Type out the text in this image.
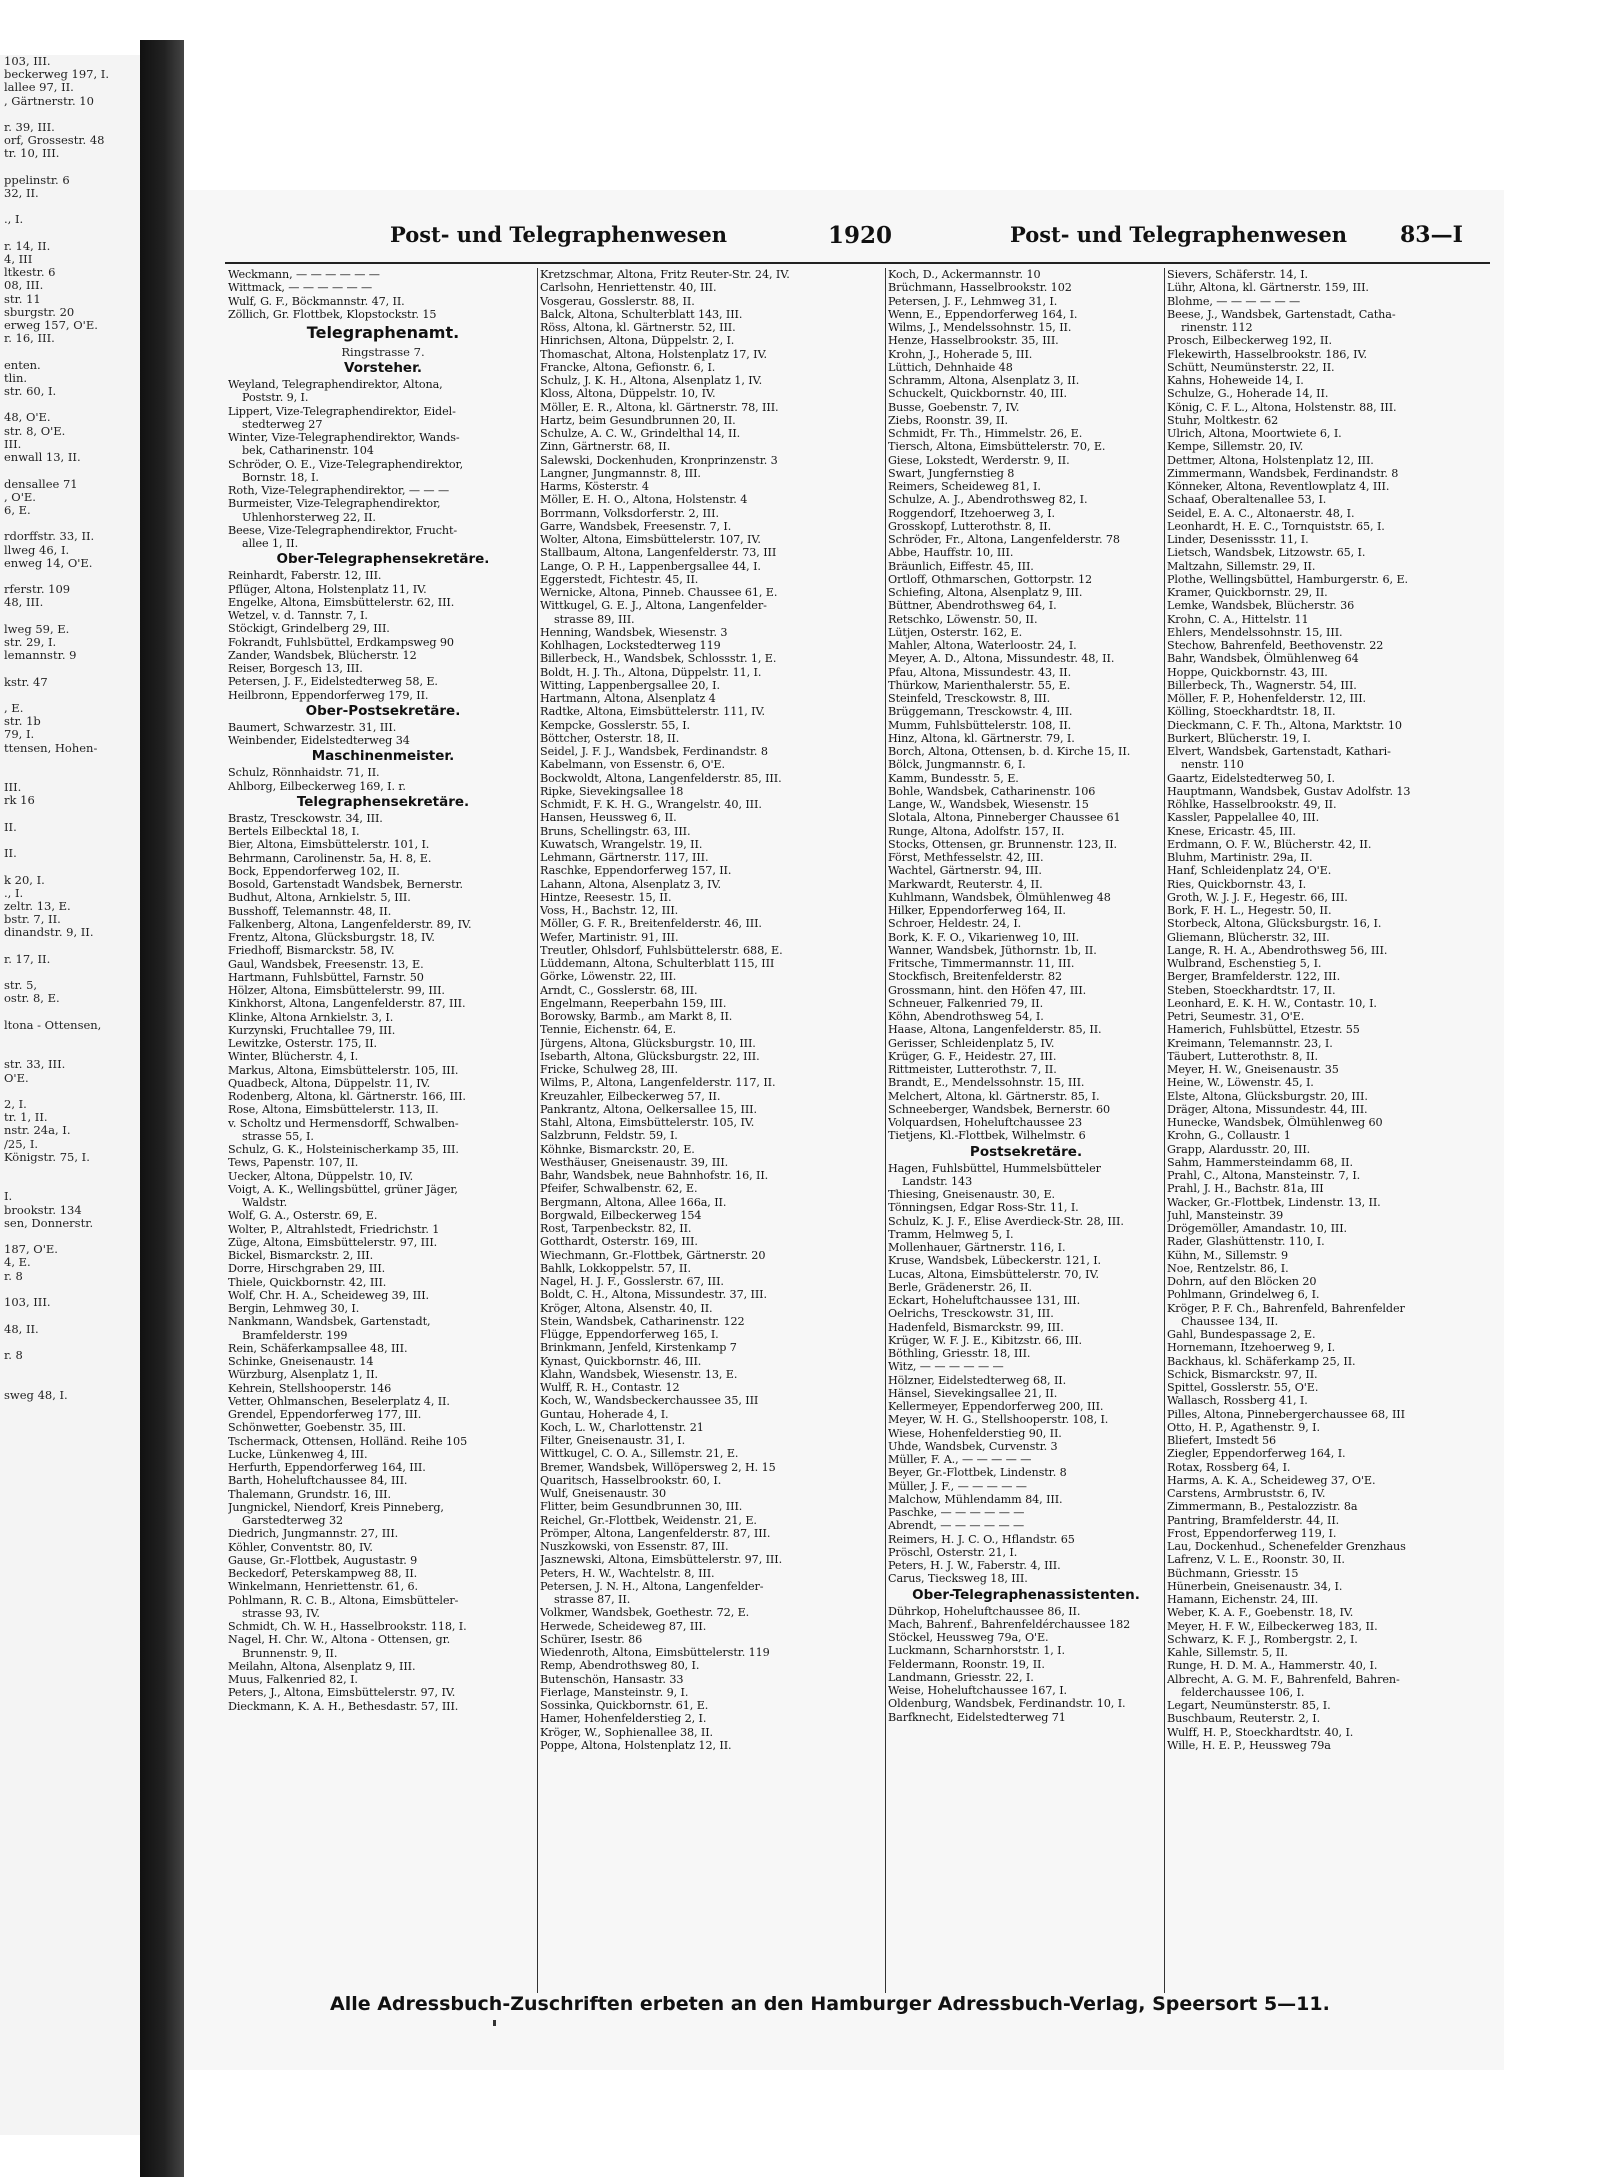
103, III.
beckerweg 197, I.
lallee 97, II.
, Gärtnerstr. 10

r. 39, III.
orf, Grossestr. 48
tr. 10, III.

ppelinstr. 6
32, II.

., I.

r. 14, II.
4, III
ltkestr. 6
08, III.
str. 11
sburgstr. 20
erweg 157, O'E.
r. 16, III.

enten.
tlin.
str. 60, I.

48, O'E.
str. 8, O'E.
III.
enwall 13, II.

densallee 71
, O'E.
6, E.

rdorffstr. 33, II.
llweg 46, I.
enweg 14, O'E.

rferstr. 109
48, III.

lweg 59, E.
str. 29, I.
lemannstr. 9

kstr. 47

, E.
str. 1b
79, I.
ttensen, Hohen-

III.
rk 16

II.

II.

k 20, I.
., I.
zeltr. 13, E.
bstr. 7, II.
dinandstr. 9, II.

r. 17, II.

str. 5,
ostr. 8, E.

ltona - Ottensen,

str. 33, III.
O'E.

2, I.
tr. 1, II.
nstr. 24a, I.
/25, I.
Königstr. 75, I.

I.
brookstr. 134
sen, Donnerstr.

187, O'E.
4, E.
r. 8

103, III.

48, II.

r. 8

sweg 48, I.
Post- und Telegraphenwesen	1920	Post- und Telegraphenwesen 83—I
Weckmann, — — — — — —
Wittmack, — — — — — —
Wulf, G. F., Böckmannstr. 47, II.
Zöllich, Gr. Flottbek, Klopstockstr. 15
Telegraphenamt.
Ringstrasse 7.
Vorsteher.
Weyland, Telegraphendirektor, Altona,
Poststr. 9, I.
Lippert, Vize-Telegraphendirektor, Eidel-
stedterweg 27
Winter, Vize-Telegraphendirektor, Wands-
bek, Catharinenstr. 104
Schröder, O. E., Vize-Telegraphendirektor,
Bornstr. 18, I.
Roth, Vize-Telegraphendirektor, — — —
Burmeister, Vize-Telegraphendirektor,
Uhlenhorsterweg 22, II.
Beese, Vize-Telegraphendirektor, Frucht-
allee 1, II.
Ober-Telegraphensekretäre.
Reinhardt, Faberstr. 12, III.
Pflüger, Altona, Holstenplatz 11, IV.
Engelke, Altona, Eimsbüttelerstr. 62, III.
Wetzel, v. d. Tannstr. 7, I.
Stöckigt, Grindelberg 29, III.
Fokrandt, Fuhlsbüttel, Erdkampsweg 90
Zander, Wandsbek, Blücherstr. 12
Reiser, Borgesch 13, III.
Petersen, J. F., Eidelstedterweg 58, E.
Heilbronn, Eppendorferweg 179, II.
Ober-Postsekretäre.
Baumert, Schwarzestr. 31, III.
Weinbender, Eidelstedterweg 34
Maschinenmeister.
Schulz, Rönnhaidstr. 71, II.
Ahlborg, Eilbeckerweg 169, I. r.
Telegraphensekretäre.
Brastz, Tresckowstr. 34, III.
Bertels Eilbecktal 18, I.
Bier, Altona, Eimsbüttelerstr. 101, I.
Behrmann, Carolinenstr. 5a, H. 8, E.
Bock, Eppendorferweg 102, II.
Bosold, Gartenstadt Wandsbek, Bernerstr.
Budhut, Altona, Arnkielstr. 5, III.
Busshoff, Telemannstr. 48, II.
Falkenberg, Altona, Langenfelderstr. 89, IV.
Frentz, Altona, Glücksburgstr. 18, IV.
Friedhoff, Bismarckstr. 58, IV.
Gaul, Wandsbek, Freesenstr. 13, E.
Hartmann, Fuhlsbüttel, Farnstr. 50
Hölzer, Altona, Eimsbüttelerstr. 99, III.
Kinkhorst, Altona, Langenfelderstr. 87, III.
Klinke, Altona Arnkielstr. 3, I.
Kurzynski, Fruchtallee 79, III.
Lewitzke, Osterstr. 175, II.
Winter, Blücherstr. 4, I.
Markus, Altona, Eimsbüttelerstr. 105, III.
Quadbeck, Altona, Düppelstr. 11, IV.
Rodenberg, Altona, kl. Gärtnerstr. 166, III.
Rose, Altona, Eimsbüttelerstr. 113, II.
v. Scholtz und Hermensdorff, Schwalben-
strasse 55, I.
Schulz, G. K., Holsteinischerkamp 35, III.
Tews, Papenstr. 107, II.
Uecker, Altona, Düppelstr. 10, IV.
Voigt, A. K., Wellingsbüttel, grüner Jäger,
Waldstr.
Wolf, G. A., Osterstr. 69, E.
Wolter, P., Altrahlstedt, Friedrichstr. 1
Züge, Altona, Eimsbüttelerstr. 97, III.
Bickel, Bismarckstr. 2, III.
Dorre, Hirschgraben 29, III.
Thiele, Quickbornstr. 42, III.
Wolf, Chr. H. A., Scheideweg 39, III.
Bergin, Lehmweg 30, I.
Nankmann, Wandsbek, Gartenstadt,
Bramfelderstr. 199
Rein, Schäferkampsallee 48, III.
Schinke, Gneisenaustr. 14
Würzburg, Alsenplatz 1, II.
Kehrein, Stellshooperstr. 146
Vetter, Ohlmanschen, Beselerplatz 4, II.
Grendel, Eppendorferweg 177, III.
Schönwetter, Goebenstr. 35, III.
Tschermack, Ottensen, Holländ. Reihe 105
Lucke, Lünkenweg 4, III.
Herfurth, Eppendorferweg 164, III.
Barth, Hoheluftchaussee 84, III.
Thalemann, Grundstr. 16, III.
Jungnickel, Niendorf, Kreis Pinneberg,
Garstedterweg 32
Diedrich, Jungmannstr. 27, III.
Köhler, Conventstr. 80, IV.
Gause, Gr.-Flottbek, Augustastr. 9
Beckedorf, Peterskampweg 88, II.
Winkelmann, Henriettenstr. 61, 6.
Pohlmann, R. C. B., Altona, Eimsbütteler-
strasse 93, IV.
Schmidt, Ch. W. H., Hasselbrookstr. 118, I.
Nagel, H. Chr. W., Altona - Ottensen, gr.
Brunnenstr. 9, II.
Meilahn, Altona, Alsenplatz 9, III.
Muus, Falkenried 82, I.
Peters, J., Altona, Eimsbüttelerstr. 97, IV.
Dieckmann, K. A. H., Bethesdastr. 57, III.
Kretzschmar, Altona, Fritz Reuter-Str. 24, IV.
Carlsohn, Henriettenstr. 40, III.
Vosgerau, Gosslerstr. 88, II.
Balck, Altona, Schulterblatt 143, III.
Röss, Altona, kl. Gärtnerstr. 52, III.
Hinrichsen, Altona, Düppelstr. 2, I.
Thomaschat, Altona, Holstenplatz 17, IV.
Francke, Altona, Gefionstr. 6, I.
Schulz, J. K. H., Altona, Alsenplatz 1, IV.
Kloss, Altona, Düppelstr. 10, IV.
Möller, E. R., Altona, kl. Gärtnerstr. 78, III.
Hartz, beim Gesundbrunnen 20, II.
Schulze, A. C. W., Grindelthal 14, II.
Zinn, Gärtnerstr. 68, II.
Salewski, Dockenhuden, Kronprinzenstr. 3
Langner, Jungmannstr. 8, III.
Harms, Kösterstr. 4
Möller, E. H. O., Altona, Holstenstr. 4
Borrmann, Volksdorferstr. 2, III.
Garre, Wandsbek, Freesenstr. 7, I.
Wolter, Altona, Eimsbüttelerstr. 107, IV.
Stallbaum, Altona, Langenfelderstr. 73, III
Lange, O. P. H., Lappenbergsallee 44, I.
Eggerstedt, Fichtestr. 45, II.
Wernicke, Altona, Pinneb. Chaussee 61, E.
Wittkugel, G. E. J., Altona, Langenfelder-
strasse 89, III.
Henning, Wandsbek, Wiesenstr. 3
Kohlhagen, Lockstedterweg 119
Billerbeck, H., Wandsbek, Schlossstr. 1, E.
Boldt, H. J. Th., Altona, Düppelstr. 11, I.
Witting, Lappenbergsallee 20, I.
Hartmann, Altona, Alsenplatz 4
Radtke, Altona, Eimsbüttelerstr. 111, IV.
Kempcke, Gosslerstr. 55, I.
Böttcher, Osterstr. 18, II.
Seidel, J. F. J., Wandsbek, Ferdinandstr. 8
Kabelmann, von Essenstr. 6, O'E.
Bockwoldt, Altona, Langenfelderstr. 85, III.
Ripke, Sievekingsallee 18
Schmidt, F. K. H. G., Wrangelstr. 40, III.
Hansen, Heussweg 6, II.
Bruns, Schellingstr. 63, III.
Kuwatsch, Wrangelstr. 19, II.
Lehmann, Gärtnerstr. 117, III.
Raschke, Eppendorferweg 157, II.
Lahann, Altona, Alsenplatz 3, IV.
Hintze, Reesestr. 15, II.
Voss, H., Bachstr. 12, III.
Möller, G. F. R., Breitenfelderstr. 46, III.
Wefer, Martinistr. 91, III.
Treutler, Ohlsdorf, Fuhlsbüttelerstr. 688, E.
Lüddemann, Altona, Schulterblatt 115, III
Görke, Löwenstr. 22, III.
Arndt, C., Gosslerstr. 68, III.
Engelmann, Reeperbahn 159, III.
Borowsky, Barmb., am Markt 8, II.
Tennie, Eichenstr. 64, E.
Jürgens, Altona, Glücksburgstr. 10, III.
Isebarth, Altona, Glücksburgstr. 22, III.
Fricke, Schulweg 28, III.
Wilms, P., Altona, Langenfelderstr. 117, II.
Kreuzahler, Eilbeckerweg 57, II.
Pankrantz, Altona, Oelkersallee 15, III.
Stahl, Altona, Eimsbüttelerstr. 105, IV.
Salzbrunn, Feldstr. 59, I.
Köhnke, Bismarckstr. 20, E.
Westhäuser, Gneisenaustr. 39, III.
Bahr, Wandsbek, neue Bahnhofstr. 16, II.
Pfeifer, Schwalbenstr. 62, E.
Bergmann, Altona, Allee 166a, II.
Borgwald, Eilbeckerweg 154
Rost, Tarpenbeckstr. 82, II.
Gotthardt, Osterstr. 169, III.
Wiechmann, Gr.-Flottbek, Gärtnerstr. 20
Bahlk, Lokkoppelstr. 57, II.
Nagel, H. J. F., Gosslerstr. 67, III.
Boldt, C. H., Altona, Missundestr. 37, III.
Kröger, Altona, Alsenstr. 40, II.
Stein, Wandsbek, Catharinenstr. 122
Flügge, Eppendorferweg 165, I.
Brinkmann, Jenfeld, Kirstenkamp 7
Kynast, Quickbornstr. 46, III.
Klahn, Wandsbek, Wiesenstr. 13, E.
Wulff, R. H., Contastr. 12
Koch, W., Wandsbeckerchaussee 35, III
Guntau, Hoherade 4, I.
Koch, L. W., Charlottenstr. 21
Filter, Gneisenaustr. 31, I.
Wittkugel, C. O. A., Sillemstr. 21, E.
Bremer, Wandsbek, Willöpersweg 2, H. 15
Quaritsch, Hasselbrookstr. 60, I.
Wulf, Gneisenaustr. 30
Flitter, beim Gesundbrunnen 30, III.
Reichel, Gr.-Flottbek, Weidenstr. 21, E.
Prömper, Altona, Langenfelderstr. 87, III.
Nuszkowski, von Essenstr. 87, III.
Jasznewski, Altona, Eimsbüttelerstr. 97, III.
Peters, H. W., Wachtelstr. 8, III.
Petersen, J. N. H., Altona, Langenfelder-
strasse 87, II.
Volkmer, Wandsbek, Goethestr. 72, E.
Herwede, Scheideweg 87, III.
Schürer, Isestr. 86
Wiedenroth, Altona, Eimsbüttelerstr. 119
Remp, Abendrothsweg 80, I.
Butenschön, Hansastr. 33
Fierlage, Mansteinstr. 9, I.
Sossinka, Quickbornstr. 61, E.
Hamer, Hohenfelderstieg 2, I.
Kröger, W., Sophienallee 38, II.
Poppe, Altona, Holstenplatz 12, II.
Koch, D., Ackermannstr. 10
Brüchmann, Hasselbrookstr. 102
Petersen, J. F., Lehmweg 31, I.
Wenn, E., Eppendorferweg 164, I.
Wilms, J., Mendelssohnstr. 15, II.
Henze, Hasselbrookstr. 35, III.
Krohn, J., Hoherade 5, III.
Lüttich, Dehnhaide 48
Schramm, Altona, Alsenplatz 3, II.
Schuckelt, Quickbornstr. 40, III.
Busse, Goebenstr. 7, IV.
Ziebs, Roonstr. 39, II.
Schmidt, Fr. Th., Himmelstr. 26, E.
Tiersch, Altona, Eimsbüttelerstr. 70, E.
Giese, Lokstedt, Werderstr. 9, II.
Swart, Jungfernstieg 8
Reimers, Scheideweg 81, I.
Schulze, A. J., Abendrothsweg 82, I.
Roggendorf, Itzehoerweg 3, I.
Grosskopf, Lutterothstr. 8, II.
Schröder, Fr., Altona, Langenfelderstr. 78
Abbe, Hauffstr. 10, III.
Bräunlich, Eiffestr. 45, III.
Ortloff, Othmarschen, Gottorpstr. 12
Schiefing, Altona, Alsenplatz 9, III.
Büttner, Abendrothsweg 64, I.
Retschko, Löwenstr. 50, II.
Lütjen, Osterstr. 162, E.
Mahler, Altona, Waterloostr. 24, I.
Meyer, A. D., Altona, Missundestr. 48, II.
Pfau, Altona, Missundestr. 43, II.
Thürkow, Marienthalerstr. 55, E.
Steinfeld, Tresckowstr. 8, III.
Brüggemann, Tresckowstr. 4, III.
Mumm, Fuhlsbüttelerstr. 108, II.
Hinz, Altona, kl. Gärtnerstr. 79, I.
Borch, Altona, Ottensen, b. d. Kirche 15, II.
Bölck, Jungmannstr. 6, I.
Kamm, Bundesstr. 5, E.
Bohle, Wandsbek, Catharinenstr. 106
Lange, W., Wandsbek, Wiesenstr. 15
Slotala, Altona, Pinneberger Chaussee 61
Runge, Altona, Adolfstr. 157, II.
Stocks, Ottensen, gr. Brunnenstr. 123, II.
Först, Methfesselstr. 42, III.
Wachtel, Gärtnerstr. 94, III.
Markwardt, Reuterstr. 4, II.
Kuhlmann, Wandsbek, Ölmühlenweg 48
Hilker, Eppendorferweg 164, II.
Schroer, Heldestr. 24, I.
Bork, K. F. O., Vikarienweg 10, III.
Wanner, Wandsbek, Jüthornstr. 1b, II.
Fritsche, Timmermannstr. 11, III.
Stockfisch, Breitenfelderstr. 82
Grossmann, hint. den Höfen 47, III.
Schneuer, Falkenried 79, II.
Köhn, Abendrothsweg 54, I.
Haase, Altona, Langenfelderstr. 85, II.
Gerisser, Schleidenplatz 5, IV.
Krüger, G. F., Heidestr. 27, III.
Rittmeister, Lutterothstr. 7, II.
Brandt, E., Mendelssohnstr. 15, III.
Melchert, Altona, kl. Gärtnerstr. 85, I.
Schneeberger, Wandsbek, Bernerstr. 60
Volquardsen, Hoheluftchaussee 23
Tietjens, Kl.-Flottbek, Wilhelmstr. 6
Postsekretäre.
Hagen, Fuhlsbüttel, Hummelsbütteler
Landstr. 143
Thiesing, Gneisenaustr. 30, E.
Tönningsen, Edgar Ross-Str. 11, I.
Schulz, K. J. F., Elise Averdieck-Str. 28, III.
Tramm, Helmweg 5, I.
Mollenhauer, Gärtnerstr. 116, I.
Kruse, Wandsbek, Lübeckerstr. 121, I.
Lucas, Altona, Eimsbüttelerstr. 70, IV.
Berle, Grädenerstr. 26, II.
Eckart, Hoheluftchaussee 131, III.
Oelrichs, Tresckowstr. 31, III.
Hadenfeld, Bismarckstr. 99, III.
Krüger, W. F. J. E., Kibitzstr. 66, III.
Böthling, Griesstr. 18, III.
Witz, — — — — — —
Hölzner, Eidelstedterweg 68, II.
Hänsel, Sievekingsallee 21, II.
Kellermeyer, Eppendorferweg 200, III.
Meyer, W. H. G., Stellshooperstr. 108, I.
Wiese, Hohenfelderstieg 90, II.
Uhde, Wandsbek, Curvenstr. 3
Müller, F. A., — — — — —
Beyer, Gr.-Flottbek, Lindenstr. 8
Müller, J. F., — — — — —
Malchow, Mühlendamm 84, III.
Paschke, — — — — — —
Abrendt, — — — — — —
Reimers, H. J. C. O., Hflandstr. 65
Pröschl, Osterstr. 21, I.
Peters, H. J. W., Faberstr. 4, III.
Carus, Tiecksweg 18, III.
Ober-Telegraphenassistenten.
Dührkop, Hoheluftchaussee 86, II.
Mach, Bahrenf., Bahrenfeldérchaussee 182
Stöckel, Heussweg 79a, O'E.
Luckmann, Scharnhorststr. 1, I.
Feldermann, Roonstr. 19, II.
Landmann, Griesstr. 22, I.
Weise, Hoheluftchaussee 167, I.
Oldenburg, Wandsbek, Ferdinandstr. 10, I.
Barfknecht, Eidelstedterweg 71
Sievers, Schäferstr. 14, I.
Lühr, Altona, kl. Gärtnerstr. 159, III.
Blohme, — — — — — —
Beese, J., Wandsbek, Gartenstadt, Catha-
rinenstr. 112
Prosch, Eilbeckerweg 192, II.
Flekewirth, Hasselbrookstr. 186, IV.
Schütt, Neumünsterstr. 22, II.
Kahns, Hoheweide 14, I.
Schulze, G., Hoherade 14, II.
König, C. F. L., Altona, Holstenstr. 88, III.
Stuhr, Moltkestr. 62
Ulrich, Altona, Moortwiete 6, I.
Kempe, Sillemstr. 20, IV.
Dettmer, Altona, Holstenplatz 12, III.
Zimmermann, Wandsbek, Ferdinandstr. 8
Könneker, Altona, Reventlowplatz 4, III.
Schaaf, Oberaltenallee 53, I.
Seidel, E. A. C., Altonaerstr. 48, I.
Leonhardt, H. E. C., Tornquiststr. 65, I.
Linder, Desenissstr. 11, I.
Lietsch, Wandsbek, Litzowstr. 65, I.
Maltzahn, Sillemstr. 29, II.
Plothe, Wellingsbüttel, Hamburgerstr. 6, E.
Kramer, Quickbornstr. 29, II.
Lemke, Wandsbek, Blücherstr. 36
Krohn, C. A., Hittelstr. 11
Ehlers, Mendelssohnstr. 15, III.
Stechow, Bahrenfeld, Beethovenstr. 22
Bahr, Wandsbek, Ölmühlenweg 64
Hoppe, Quickbornstr. 43, III.
Billerbeck, Th., Wagnerstr. 54, III.
Möller, F. P., Hohenfelderstr. 12, III.
Kölling, Stoeckhardtstr. 18, II.
Dieckmann, C. F. Th., Altona, Marktstr. 10
Burkert, Blücherstr. 19, I.
Elvert, Wandsbek, Gartenstadt, Kathari-
nenstr. 110
Gaartz, Eidelstedterweg 50, I.
Hauptmann, Wandsbek, Gustav Adolfstr. 13
Röhlke, Hasselbrookstr. 49, II.
Kassler, Pappelallee 40, III.
Knese, Ericastr. 45, III.
Erdmann, O. F. W., Blücherstr. 42, II.
Bluhm, Martinistr. 29a, II.
Hanf, Schleidenplatz 24, O'E.
Ries, Quickbornstr. 43, I.
Groth, W. J. J. F., Hegestr. 66, III.
Bork, F. H. L., Hegestr. 50, II.
Storbeck, Altona, Glücksburgstr. 16, I.
Gliemann, Blücherstr. 32, III.
Lange, R. H. A., Abendrothsweg 56, III.
Wulbrand, Eschenstieg 5, I.
Berger, Bramfelderstr. 122, III.
Steben, Stoeckhardtstr. 17, II.
Leonhard, E. K. H. W., Contastr. 10, I.
Petri, Seumestr. 31, O'E.
Hamerich, Fuhlsbüttel, Etzestr. 55
Kreimann, Telemannstr. 23, I.
Täubert, Lutterothstr. 8, II.
Meyer, H. W., Gneisenaustr. 35
Heine, W., Löwenstr. 45, I.
Elste, Altona, Glücksburgstr. 20, III.
Dräger, Altona, Missundestr. 44, III.
Hunecke, Wandsbek, Ölmühlenweg 60
Krohn, G., Collaustr. 1
Grapp, Alardusstr. 20, III.
Sahm, Hammersteindamm 68, II.
Prahl, C., Altona, Mansteinstr. 7, I.
Prahl, J. H., Bachstr. 81a, III
Wacker, Gr.-Flottbek, Lindenstr. 13, II.
Juhl, Mansteinstr. 39
Drögemöller, Amandastr. 10, III.
Rader, Glashüttenstr. 110, I.
Kühn, M., Sillemstr. 9
Noe, Rentzelstr. 86, I.
Dohrn, auf den Blöcken 20
Pohlmann, Grindelweg 6, I.
Kröger, P. F. Ch., Bahrenfeld, Bahrenfelder
Chaussee 134, II.
Gahl, Bundespassage 2, E.
Hornemann, Itzehoerweg 9, I.
Backhaus, kl. Schäferkamp 25, II.
Schick, Bismarckstr. 97, II.
Spittel, Gosslerstr. 55, O'E.
Wallasch, Rossberg 41, I.
Pilles, Altona, Pinnebergerchaussee 68, III
Otto, H. P., Agathenstr. 9, I.
Bliefert, Imstedt 56
Ziegler, Eppendorferweg 164, I.
Rotax, Rossberg 64, I.
Harms, A. K. A., Scheideweg 37, O'E.
Carstens, Armbruststr. 6, IV.
Zimmermann, B., Pestalozzistr. 8a
Pantring, Bramfelderstr. 44, II.
Frost, Eppendorferweg 119, I.
Lau, Dockenhud., Schenefelder Grenzhaus
Lafrenz, V. L. E., Roonstr. 30, II.
Büchmann, Griesstr. 15
Hünerbein, Gneisenaustr. 34, I.
Hamann, Eichenstr. 24, III.
Weber, K. A. F., Goebenstr. 18, IV.
Meyer, H. F. W., Eilbeckerweg 183, II.
Schwarz, K. F. J., Rombergstr. 2, I.
Kahle, Sillemstr. 5, II.
Runge, H. D. M. A., Hammerstr. 40, I.
Albrecht, A. G. M. F., Bahrenfeld, Bahren-
felderchaussee 106, I.
Legart, Neumünsterstr. 85, I.
Buschbaum, Reuterstr. 2, I.
Wulff, H. P., Stoeckhardtstr. 40, I.
Wille, H. E. P., Heussweg 79a
Alle Adressbuch-Zuschriften erbeten an den Hamburger Adressbuch-Verlag, Speersort 5—11.
